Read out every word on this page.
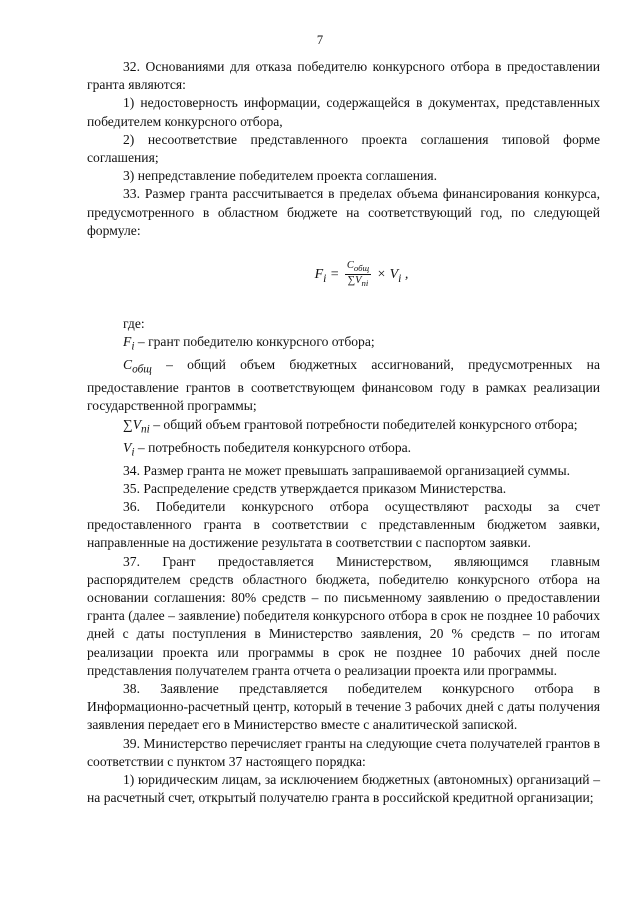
7

32. Основаниями для отказа победителю конкурсного отбора в предоставлении гранта являются:

1) недостоверность информации, содержащейся в документах, представленных победителем конкурсного отбора,

2) несоответствие представленного проекта соглашения типовой форме соглашения;

3) непредставление победителем проекта соглашения.

33. Размер гранта рассчитывается в пределах объема финансирования конкурса, предусмотренного в областном бюджете на соответствующий год, по следующей формуле:

$F_i = \frac{C_{общ}}{\sum V_{ni}} \times V_i$ ,

где:

$F_i$ – грант победителю конкурсного отбора;

$C_{общ}$ – общий объем бюджетных ассигнований, предусмотренных на предоставление грантов в соответствующем финансовом году в рамках реализации государственной программы;

$\sum V_{ni}$ – общий объем грантовой потребности победителей конкурсного отбора;

$V_i$ – потребность победителя конкурсного отбора.

34. Размер гранта не может превышать запрашиваемой организацией суммы.

35. Распределение средств утверждается приказом Министерства.

36. Победители конкурсного отбора осуществляют расходы за счет предоставленного гранта в соответствии с представленным бюджетом заявки, направленные на достижение результата в соответствии с паспортом заявки.

37. Грант предоставляется Министерством, являющимся главным распорядителем средств областного бюджета, победителю конкурсного отбора на основании соглашения: 80% средств – по письменному заявлению о предоставлении гранта (далее – заявление) победителя конкурсного отбора в срок не позднее 10 рабочих дней с даты поступления в Министерство заявления, 20 % средств – по итогам реализации проекта или программы в срок не позднее 10 рабочих дней после представления получателем гранта отчета о реализации проекта или программы.

38. Заявление представляется победителем конкурсного отбора в Информационно-расчетный центр, который в течение 3 рабочих дней с даты получения заявления передает его в Министерство вместе с аналитической запиской.

39. Министерство перечисляет гранты на следующие счета получателей грантов в соответствии с пунктом 37 настоящего порядка:

1) юридическим лицам, за исключением бюджетных (автономных) организаций – на расчетный счет, открытый получателю гранта в российской кредитной организации;
